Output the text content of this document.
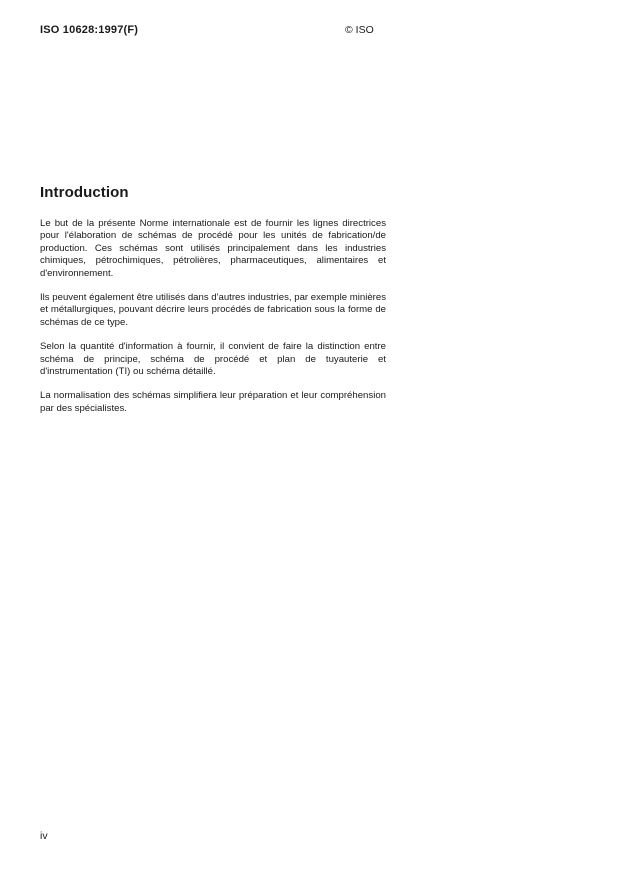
ISO 10628:1997(F)	© ISO
Introduction

Le but de la présente Norme internationale est de fournir les lignes directrices pour l'élaboration de schémas de procédé pour les unités de fabrication/de production. Ces schémas sont utilisés principalement dans les industries chimiques, pétrochimiques, pétrolières, pharmaceutiques, alimentaires et d'environnement.

Ils peuvent également être utilisés dans d'autres industries, par exemple minières et métallurgiques, pouvant décrire leurs procédés de fabrication sous la forme de schémas de ce type.

Selon la quantité d'information à fournir, il convient de faire la distinction entre schéma de principe, schéma de procédé et plan de tuyauterie et d'instrumentation (TI) ou schéma détaillé.

La normalisation des schémas simplifiera leur préparation et leur compréhension par des spécialistes.

iv
